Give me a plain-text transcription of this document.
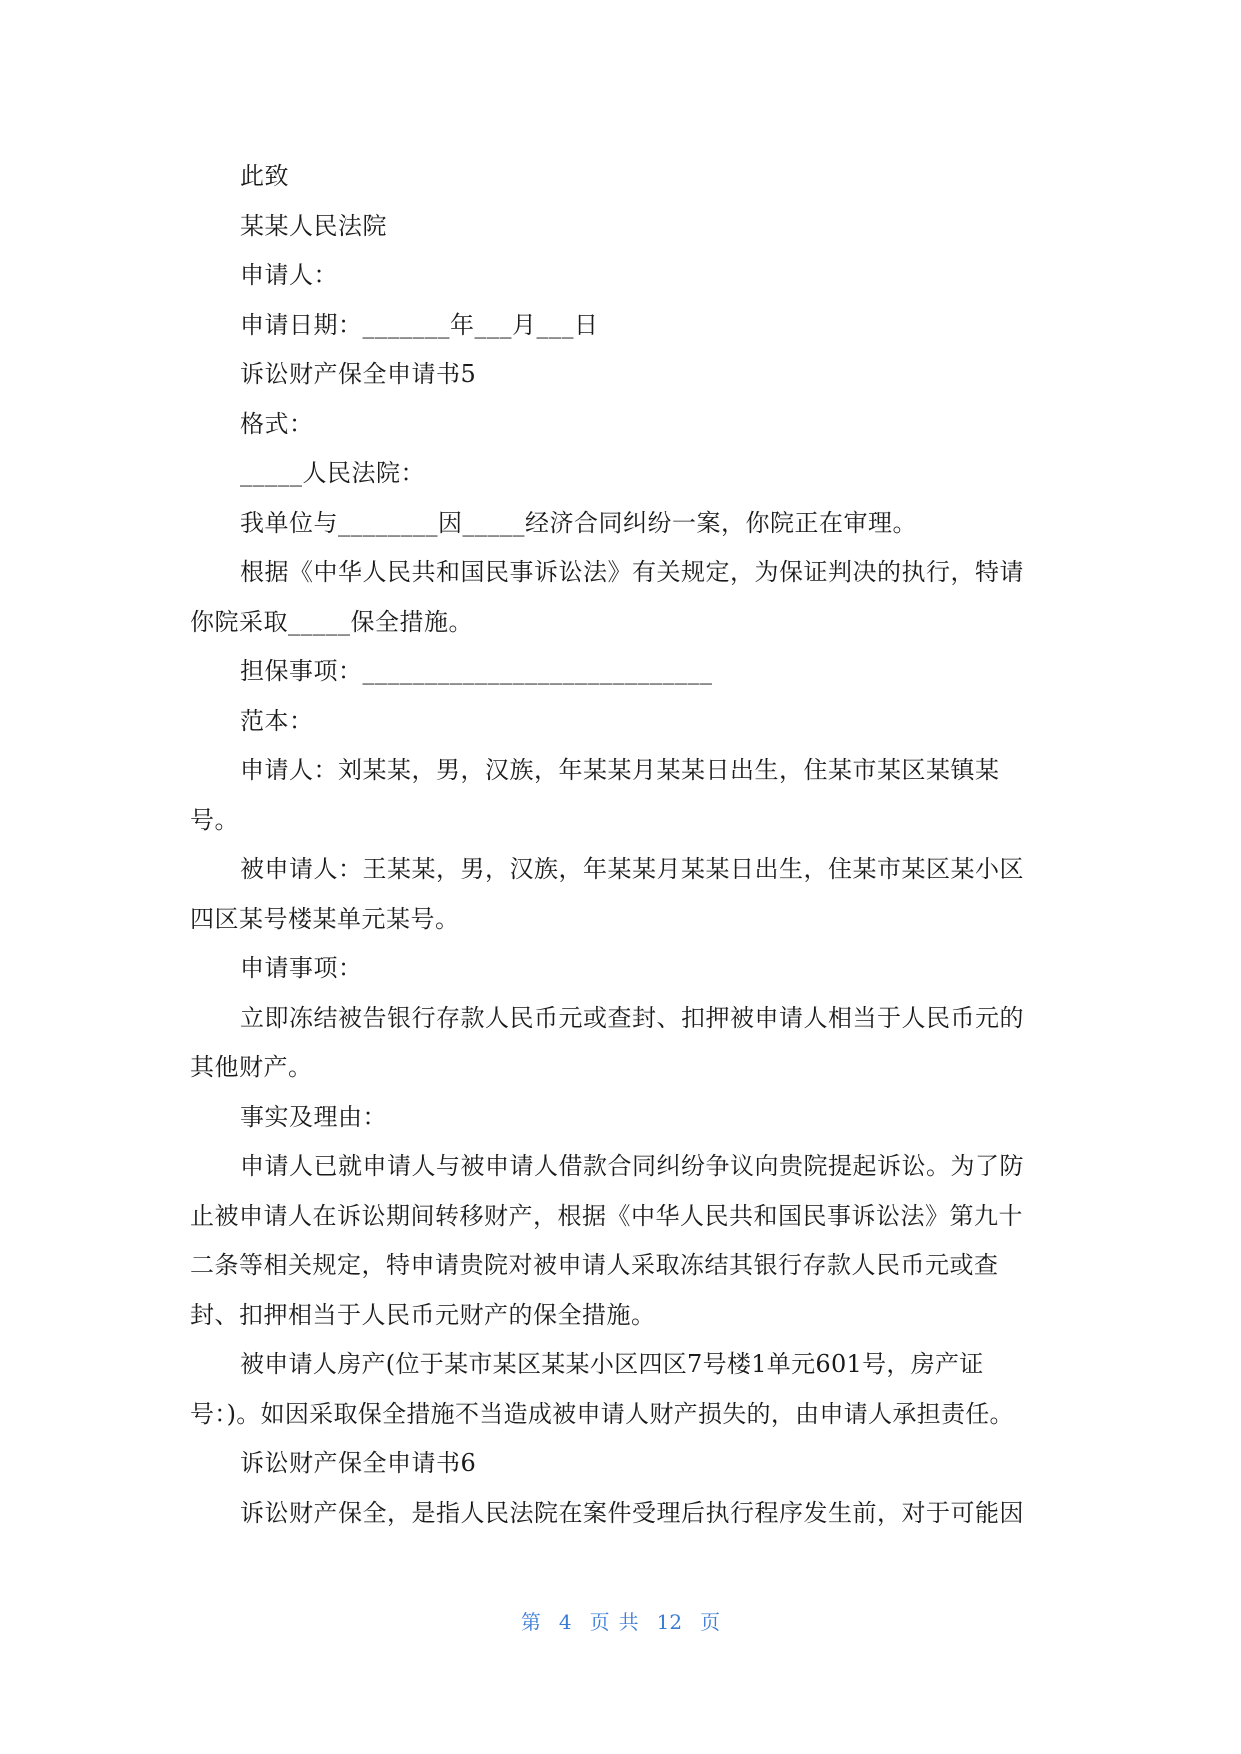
此致

某某人民法院

申请人：

申请日期：_______年___月___日

诉讼财产保全申请书5

格式：

_____人民法院：

我单位与________因_____经济合同纠纷一案，你院正在审理。

根据《中华人民共和国民事诉讼法》有关规定，为保证判决的执行，特请你院采取_____保全措施。

担保事项：____________________________

范本：

申请人：刘某某，男，汉族，年某某月某某日出生，住某市某区某镇某号。

被申请人：王某某，男，汉族，年某某月某某日出生，住某市某区某小区四区某号楼某单元某号。

申请事项：

立即冻结被告银行存款人民币元或查封、扣押被申请人相当于人民币元的其他财产。

事实及理由：

申请人已就申请人与被申请人借款合同纠纷争议向贵院提起诉讼。为了防止被申请人在诉讼期间转移财产，根据《中华人民共和国民事诉讼法》第九十二条等相关规定，特申请贵院对被申请人采取冻结其银行存款人民币元或查封、扣押相当于人民币元财产的保全措施。

被申请人房产(位于某市某区某某小区四区7号楼1单元601号，房产证号：)。如因采取保全措施不当造成被申请人财产损失的，由申请人承担责任。

诉讼财产保全申请书6

诉讼财产保全，是指人民法院在案件受理后执行程序发生前，对于可能因

第 4 页 共 12 页
